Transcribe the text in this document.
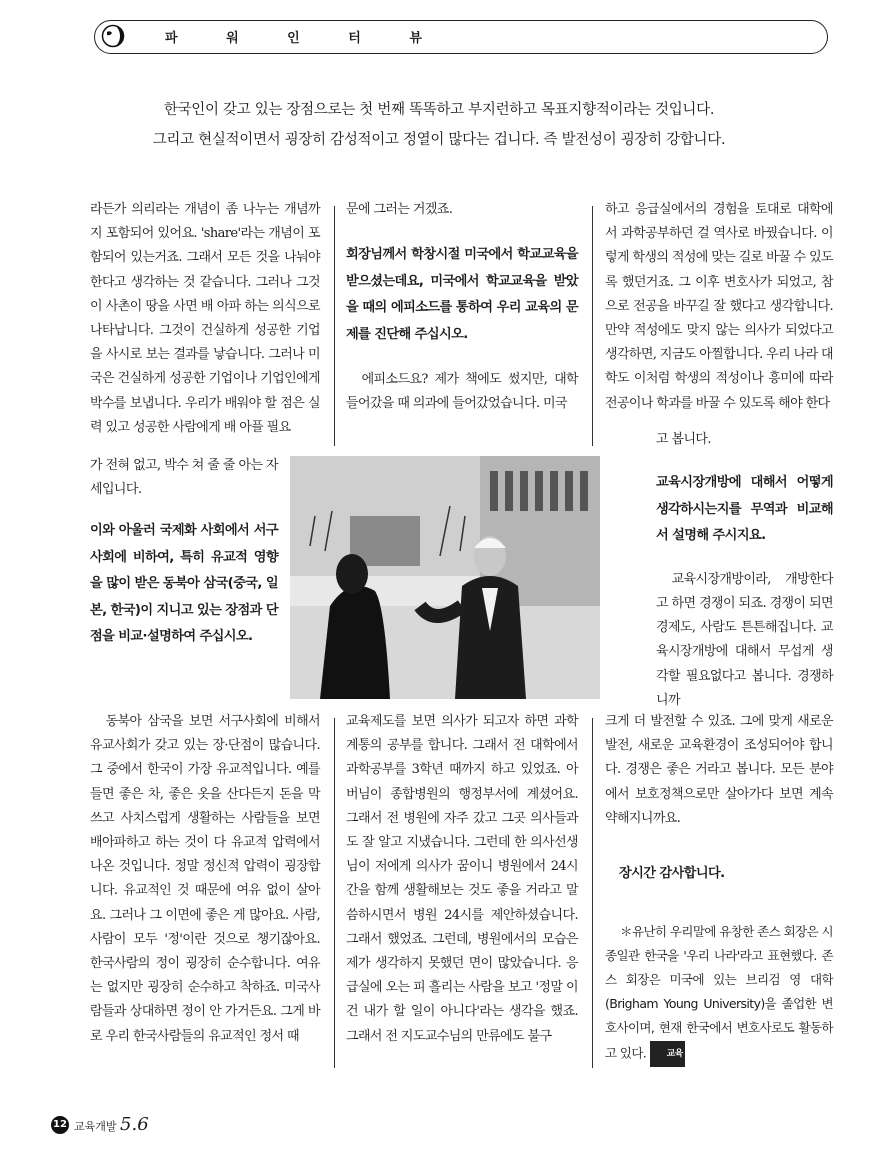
파 워 인 터 뷰
한국인이 갖고 있는 장점으로는 첫 번째 똑똑하고 부지런하고 목표지향적이라는 것입니다.
그리고 현실적이면서 굉장히 감성적이고 정열이 많다는 겁니다. 즉 발전성이 굉장히 강합니다.

라든가 의리라는 개념이 좀 나누는 개념까지 포함되어 있어요. 'share'라는 개념이 포함되어 있는거죠. 그래서 모든 것을 나눠야 한다고 생각하는 것 같습니다. 그러나 그것이 사촌이 땅을 사면 배 아파 하는 의식으로 나타납니다. 그것이 건실하게 성공한 기업을 사시로 보는 결과를 낳습니다. 그러나 미국은 건실하게 성공한 기업이나 기업인에게 박수를 보냅니다. 우리가 배워야 할 점은 실력 있고 성공한 사람에게 배 아플 필요

가 전혀 없고, 박수 쳐 줄 줄 아는 자세입니다.

이와 아울러 국제화 사회에서 서구사회에 비하여, 특히 유교적 영향을 많이 받은 동북아 삼국(중국, 일본, 한국)이 지니고 있는 장점과 단점을 비교·설명하여 주십시오.

문에 그러는 거겠죠.

회장님께서 학창시절 미국에서 학교교육을 받으셨는데요, 미국에서 학교교육을 받았을 때의 에피소드를 통하여 우리 교육의 문제를 진단해 주십시오.

에피소드요? 제가 책에도 썼지만, 대학 들어갔을 때 의과에 들어갔었습니다. 미국

하고 응급실에서의 경험을 토대로 대학에서 과학공부하던 걸 역사로 바꿨습니다. 이렇게 학생의 적성에 맞는 길로 바꿀 수 있도록 했던거죠. 그 이후 변호사가 되었고, 참으로 전공을 바꾸길 잘 했다고 생각합니다. 만약 적성에도 맞지 않는 의사가 되었다고 생각하면, 지금도 아찔합니다. 우리 나라 대학도 이처럼 학생의 적성이나 흥미에 따라 전공이나 학과를 바꿀 수 있도록 해야 한다

고 봅니다.

교육시장개방에 대해서 어떻게 생각하시는지를 무역과 비교해서 설명해 주시지요.

교육시장개방이라, 개방한다고 하면 경쟁이 되죠. 경쟁이 되면 경제도, 사람도 튼튼해집니다. 교육시장개방에 대해서 무섭게 생각할 필요없다고 봅니다. 경쟁하니까

동북아 삼국을 보면 서구사회에 비해서 유교사회가 갖고 있는 장·단점이 많습니다. 그 중에서 한국이 가장 유교적입니다. 예를 들면 좋은 차, 좋은 옷을 산다든지 돈을 막 쓰고 사치스럽게 생활하는 사람들을 보면 배아파하고 하는 것이 다 유교적 압력에서 나온 것입니다. 정말 정신적 압력이 굉장합니다. 유교적인 것 때문에 여유 없이 살아요. 그러나 그 이면에 좋은 게 많아요. 사람, 사람이 모두 '정'이란 것으로 챙기잖아요. 한국사람의 정이 굉장히 순수합니다. 여유는 없지만 굉장히 순수하고 착하죠. 미국사람들과 상대하면 정이 안 가거든요. 그게 바로 우리 한국사람들의 유교적인 정서 때

교육제도를 보면 의사가 되고자 하면 과학계통의 공부를 합니다. 그래서 전 대학에서 과학공부를 3학년 때까지 하고 있었죠. 아버님이 종합병원의 행정부서에 계셨어요. 그래서 전 병원에 자주 갔고 그곳 의사들과도 잘 알고 지냈습니다. 그런데 한 의사선생님이 저에게 의사가 꿈이니 병원에서 24시간을 함께 생활해보는 것도 좋을 거라고 말씀하시면서 병원 24시를 제안하셨습니다. 그래서 했었죠. 그런데, 병원에서의 모습은 제가 생각하지 못했던 면이 많았습니다. 응급실에 오는 피 흘리는 사람을 보고 '정말 이건 내가 할 일이 아니다'라는 생각을 했죠. 그래서 전 지도교수님의 만류에도 불구

크게 더 발전할 수 있죠. 그에 맞게 새로운 발전, 새로운 교육환경이 조성되어야 합니다. 경쟁은 좋은 거라고 봅니다. 모든 분야에서 보호정책으로만 살아가다 보면 계속 약해지니까요.

장시간 감사합니다.

＊유난히 우리말에 유창한 존스 회장은 시종일관 한국을 '우리 나라'라고 표현했다. 존스 회장은 미국에 있는 브리검 영 대학(Brigham Young University)을 졸업한 변호사이며, 현재 한국에서 변호사로도 활동하고 있다. 교육

12 교육개발 5.6
